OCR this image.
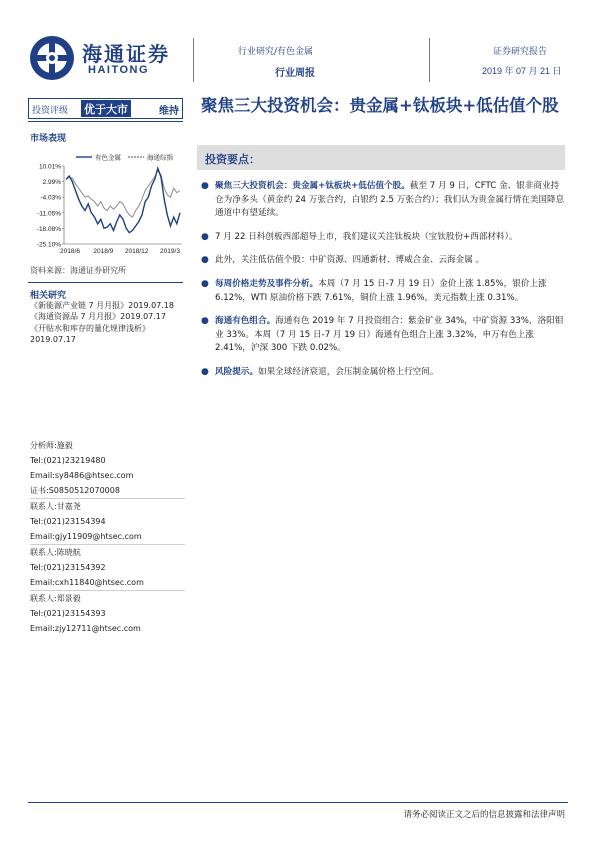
海通证券
HAITONG
行业研究/有色金属
行业周报
证券研究报告
2019 年 07 月 21 日
投资评级 优于大市	维持
市场表现
10.01%
2.99%
-4.03%
-11.05%
-18.08%
-25.10%
2018/6 2018/9 2018/12 2019/3
有色金属	海通综指
资料来源：海通证券研究所
相关研究
《新能源产业链 7 月月报》2019.07.18
《海通资源品 7 月月报》2019.07.17
《开贴水和库存的量化规律浅析》
2019.07.17
分析师:施毅
Tel:(021)23219480
Email:sy8486@htsec.com
证书:S0850512070008
联系人:甘嘉尧
Tel:(021)23154394
Email:gjy11909@htsec.com
联系人:陈晓航
Tel:(021)23154392
Email:cxh11840@htsec.com
联系人:郑景毅
Tel:(021)23154393
Email:zjy12711@htsec.com
聚焦三大投资机会：贵金属+钛板块+低估值个股
投资要点：
● 聚焦三大投资机会：贵金属+钛板块+低估值个股。截至 7 月 9 日，CFTC 金、银非商业持仓为净多头（黄金约 24 万张合约，白银约 2.5 万张合约）；我们认为贵金属行情在美国降息通道中有望延续。
● 7 月 22 日科创板西部超导上市，我们建议关注钛板块（宝钛股份+西部材料）。
● 此外，关注低估值个股：中矿资源、四通新材、博威合金、云海金属 。
● 每周价格走势及事件分析。本周（7 月 15 日-7 月 19 日）金价上涨 1.85%，银价上涨 6.12%，WTI 原油价格下跌 7.61%，铜价上涨 1.96%，美元指数上涨 0.31%。
● 海通有色组合。海通有色 2019 年 7 月投资组合：紫金矿业 34%，中矿资源 33%，洛阳钼业 33%。本周（7 月 15 日-7 月 19 日）海通有色组合上涨 3.32%，申万有色上涨 2.41%，沪深 300 下跌 0.02%。
● 风险提示。如果全球经济衰退，会压制金属价格上行空间。
请务必阅读正文之后的信息披露和法律声明
